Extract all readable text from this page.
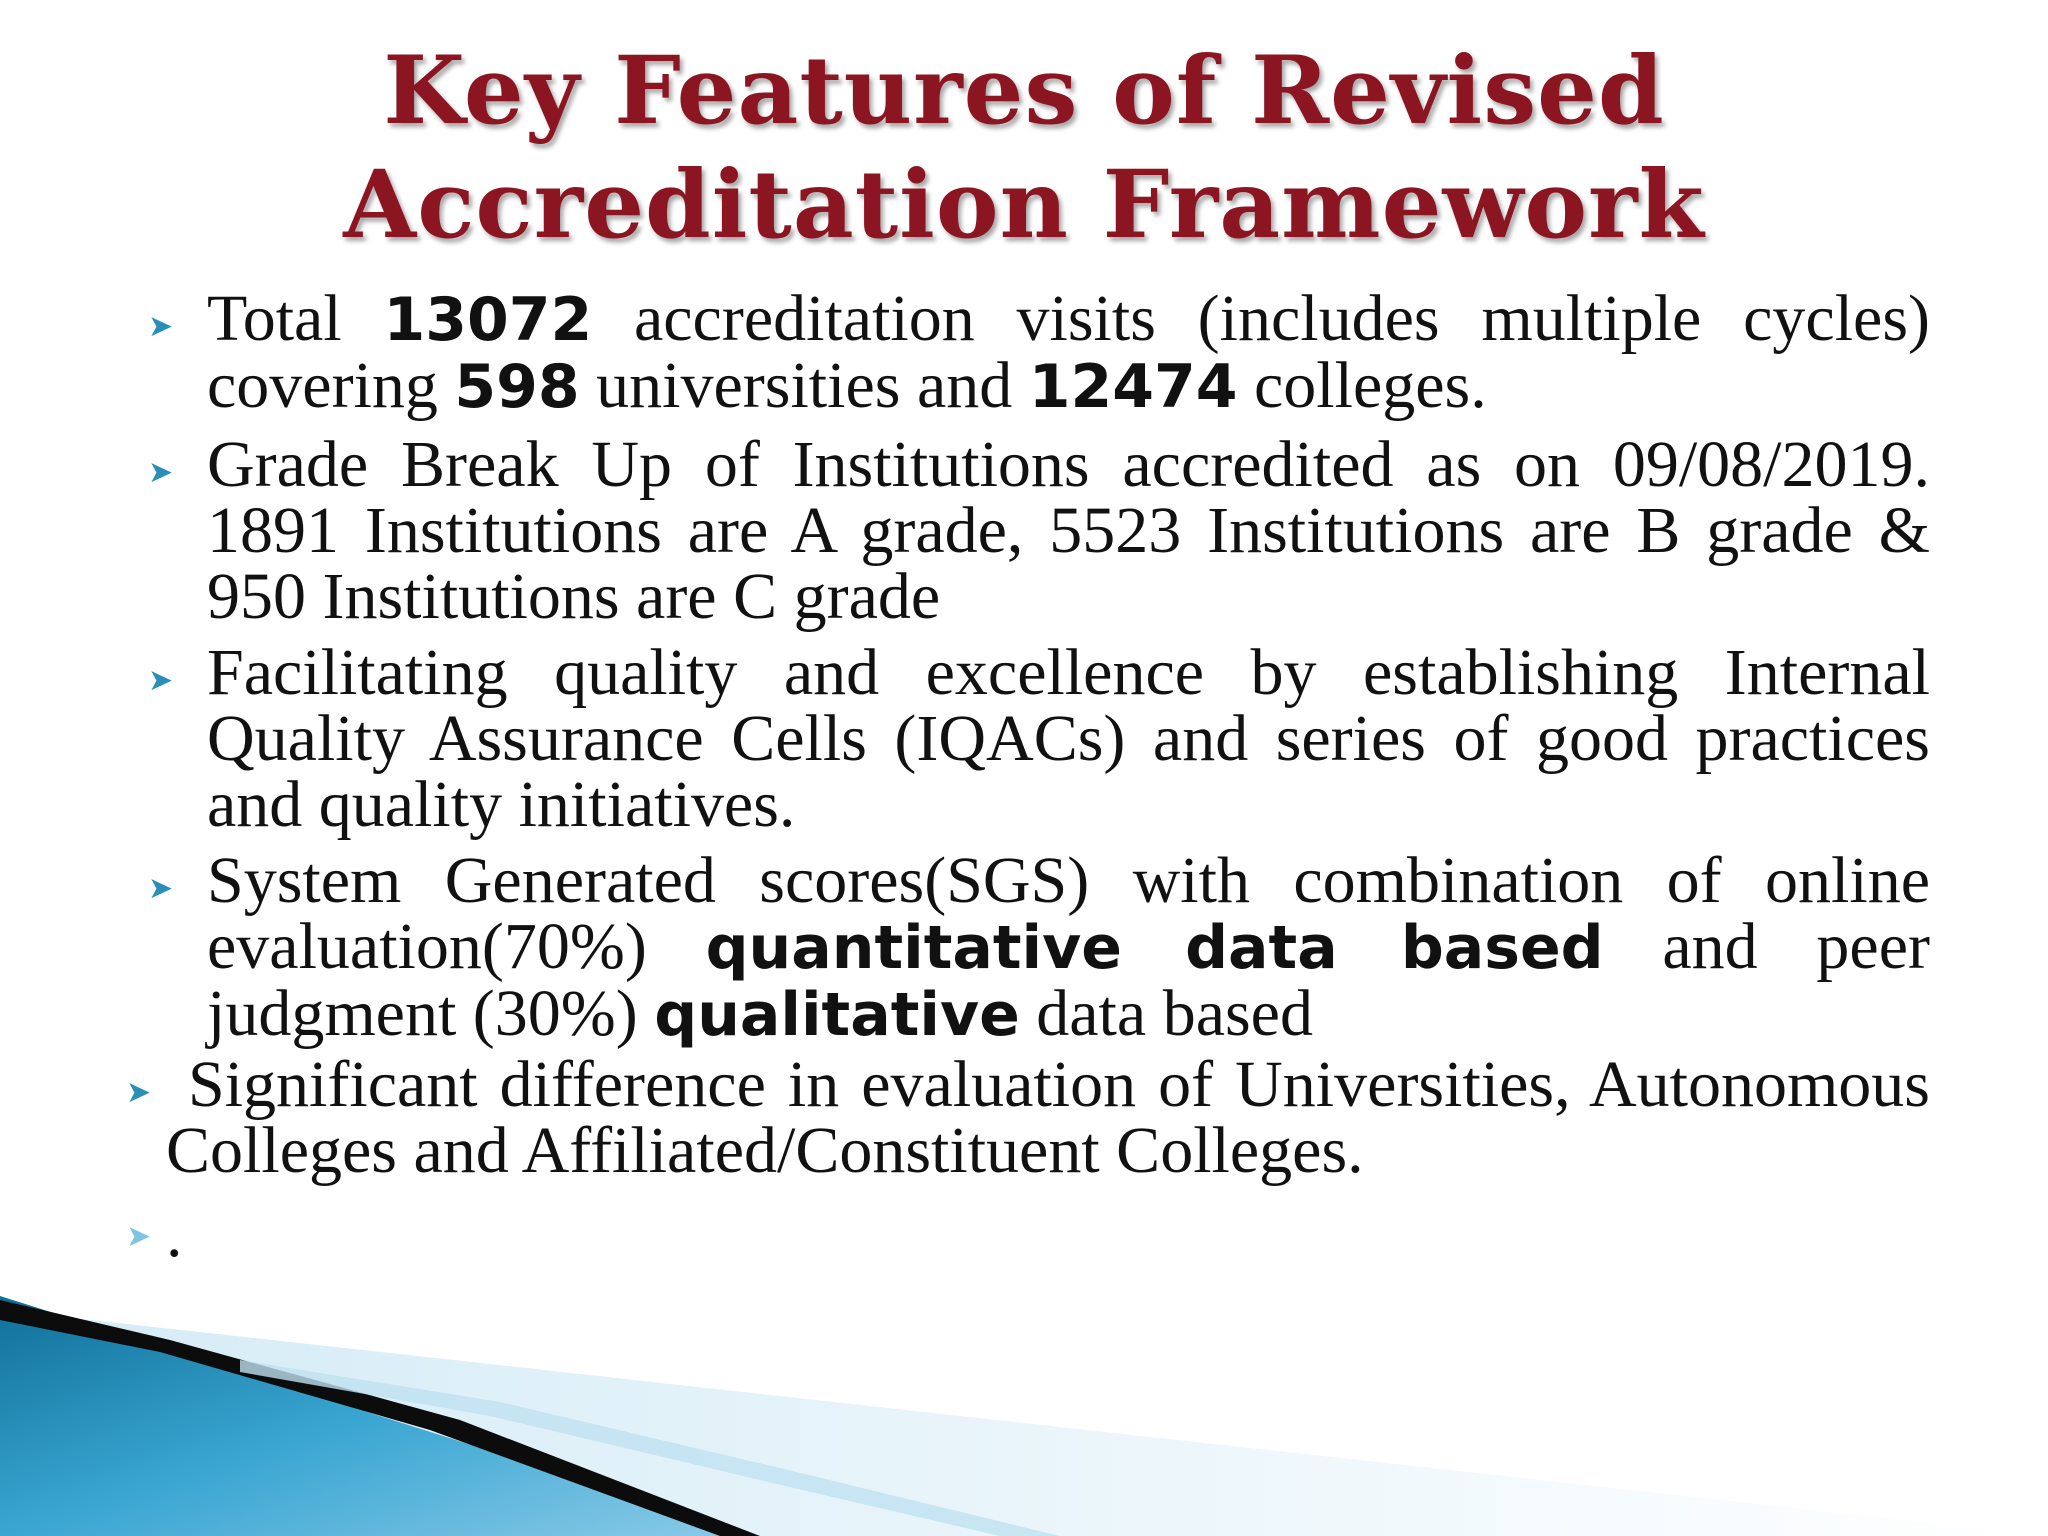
Key Features of Revised
Accreditation Framework
➤ Total 13072 accreditation visits (includes multiple cycles) covering 598 universities and 12474 colleges.
➤ Grade Break Up of Institutions accredited as on 09/08/2019. 1891 Institutions are A grade, 5523 Institutions are B grade & 950 Institutions are C grade
➤ Facilitating quality and excellence by establishing Internal Quality Assurance Cells (IQACs) and series of good practices and quality initiatives.
➤ System Generated scores(SGS) with combination of online evaluation(70%) quantitative data based and peer judgment (30%) qualitative data based
➤ Significant difference in evaluation of Universities, Autonomous Colleges and Affiliated/Constituent Colleges.
➤ .
